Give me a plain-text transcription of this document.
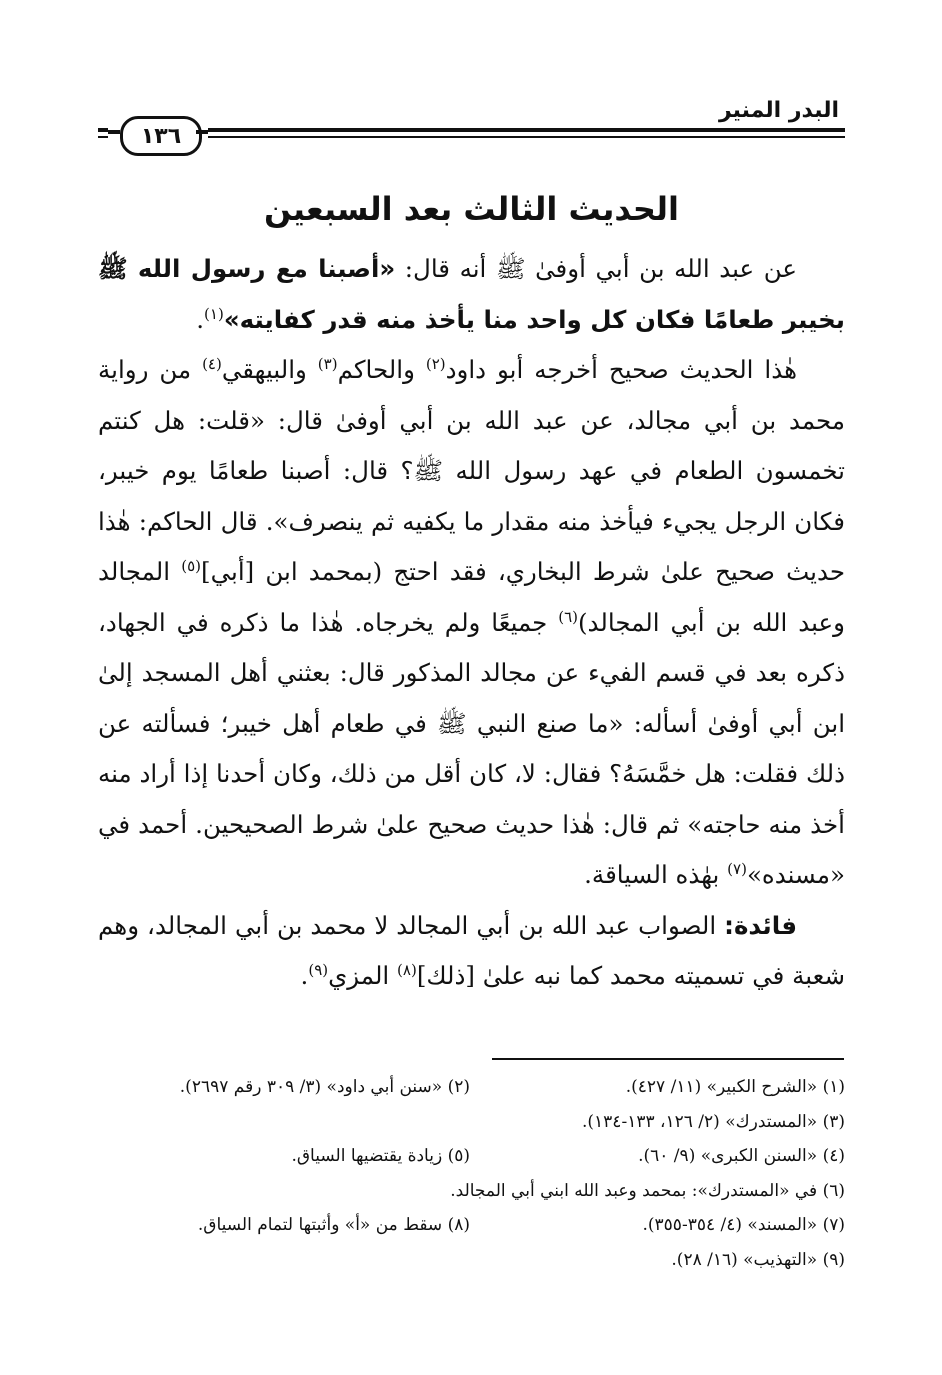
البدر المنير
١٣٦
الحديث الثالث بعد السبعين

عن عبد الله بن أبي أوفىٰ ﷺ أنه قال: «أصبنا مع رسول الله ﷺ بخيبر طعامًا فكان كل واحد منا يأخذ منه قدر كفايته»$^{(١)}$.

هٰذا الحديث صحيح أخرجه أبو داود$^{(٢)}$ والحاكم$^{(٣)}$ والبيهقي$^{(٤)}$ من رواية محمد بن أبي مجالد، عن عبد الله بن أبي أوفىٰ قال: «قلت: هل كنتم تخمسون الطعام في عهد رسول الله ﷺ؟ قال: أصبنا طعامًا يوم خيبر، فكان الرجل يجيء فيأخذ منه مقدار ما يكفيه ثم ينصرف». قال الحاكم: هٰذا حديث صحيح علىٰ شرط البخاري، فقد احتج (بمحمد ابن [أبي]$^{(٥)}$ المجالد وعبد الله بن أبي المجالد)$^{(٦)}$ جميعًا ولم يخرجاه. هٰذا ما ذكره في الجهاد، ذكره بعد في قسم الفيء عن مجالد المذكور قال: بعثني أهل المسجد إلىٰ ابن أبي أوفىٰ أسأله: «ما صنع النبي ﷺ في طعام أهل خيبر؛ فسألته عن ذلك فقلت: هل خمَّسَهُ؟ فقال: لا، كان أقل من ذلك، وكان أحدنا إذا أراد منه أخذ منه حاجته» ثم قال: هٰذا حديث صحيح علىٰ شرط الصحيحين. أحمد في «مسنده»$^{(٧)}$ بهٰذه السياقة.

فائدة: الصواب عبد الله بن أبي المجالد لا محمد بن أبي المجالد، وهم شعبة في تسميته محمد كما نبه علىٰ [ذلك]$^{(٨)}$ المزي$^{(٩)}$.

(١) «الشرح الكبير» (١١/ ٤٢٧).
(٢) «سنن أبي داود» (٣/ ٣٠٩ رقم ٢٦٩٧).
(٣) «المستدرك» (٢/ ١٢٦، ١٣٣-١٣٤).
(٤) «السنن الكبرى» (٩/ ٦٠).
(٥) زيادة يقتضيها السياق.
(٦) في «المستدرك»: بمحمد وعبد الله ابني أبي المجالد.
(٧) «المسند» (٤/ ٣٥٤-٣٥٥).
(٨) سقط من «أ» وأثبتها لتمام السياق.
(٩) «التهذيب» (١٦/ ٢٨).
